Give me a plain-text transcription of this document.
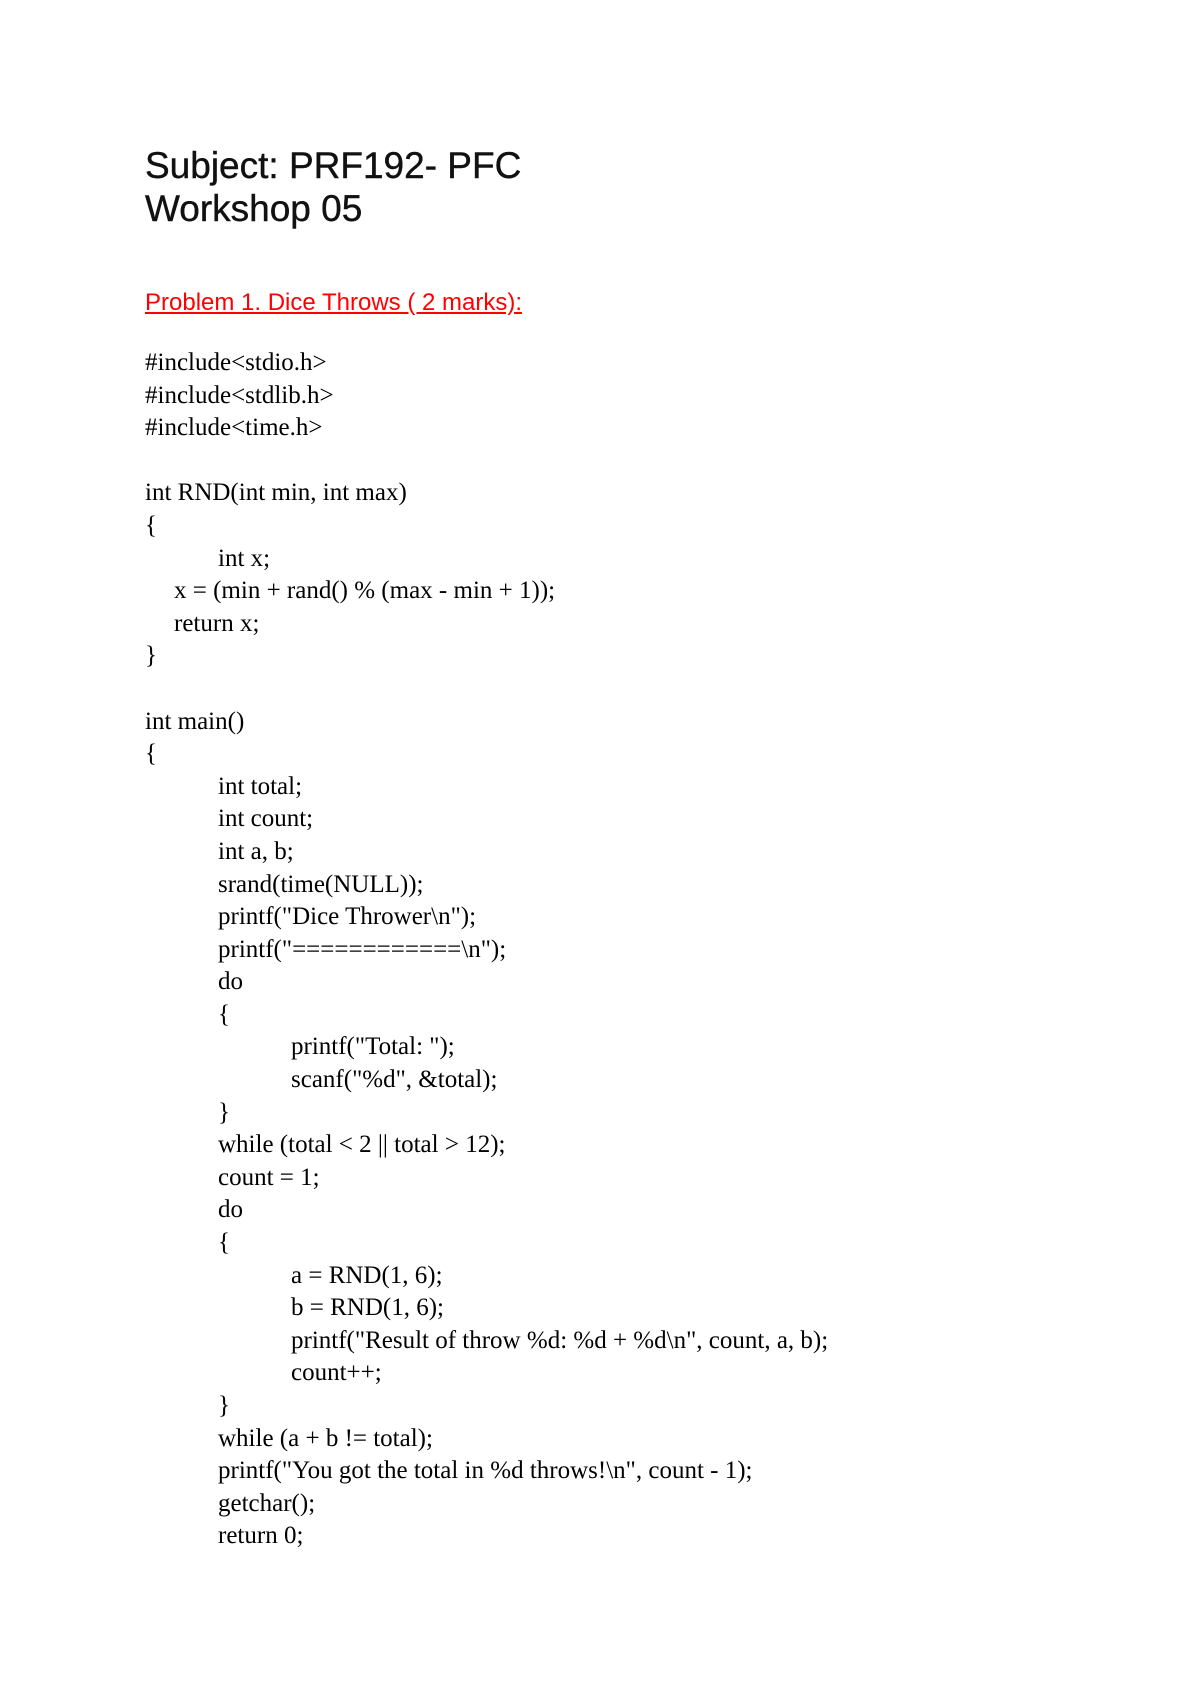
Subject: PRF192- PFC
Workshop 05
Problem 1. Dice Throws ( 2 marks):
#include<stdio.h>
#include<stdlib.h>
#include<time.h>
int RND(int min, int max)
{
int x;
x = (min + rand() % (max - min + 1));
return x;
}
int main()
{
int total;
int count;
int a, b;
srand(time(NULL));
printf("Dice Thrower\n");
printf("============\n");
do
{
printf("Total: ");
scanf("%d", &total);
}
while (total < 2 || total > 12);
count = 1;
do
{
a = RND(1, 6);
b = RND(1, 6);
printf("Result of throw %d: %d + %d\n", count, a, b);
count++;
}
while (a + b != total);
printf("You got the total in %d throws!\n", count - 1);
getchar();
return 0;
